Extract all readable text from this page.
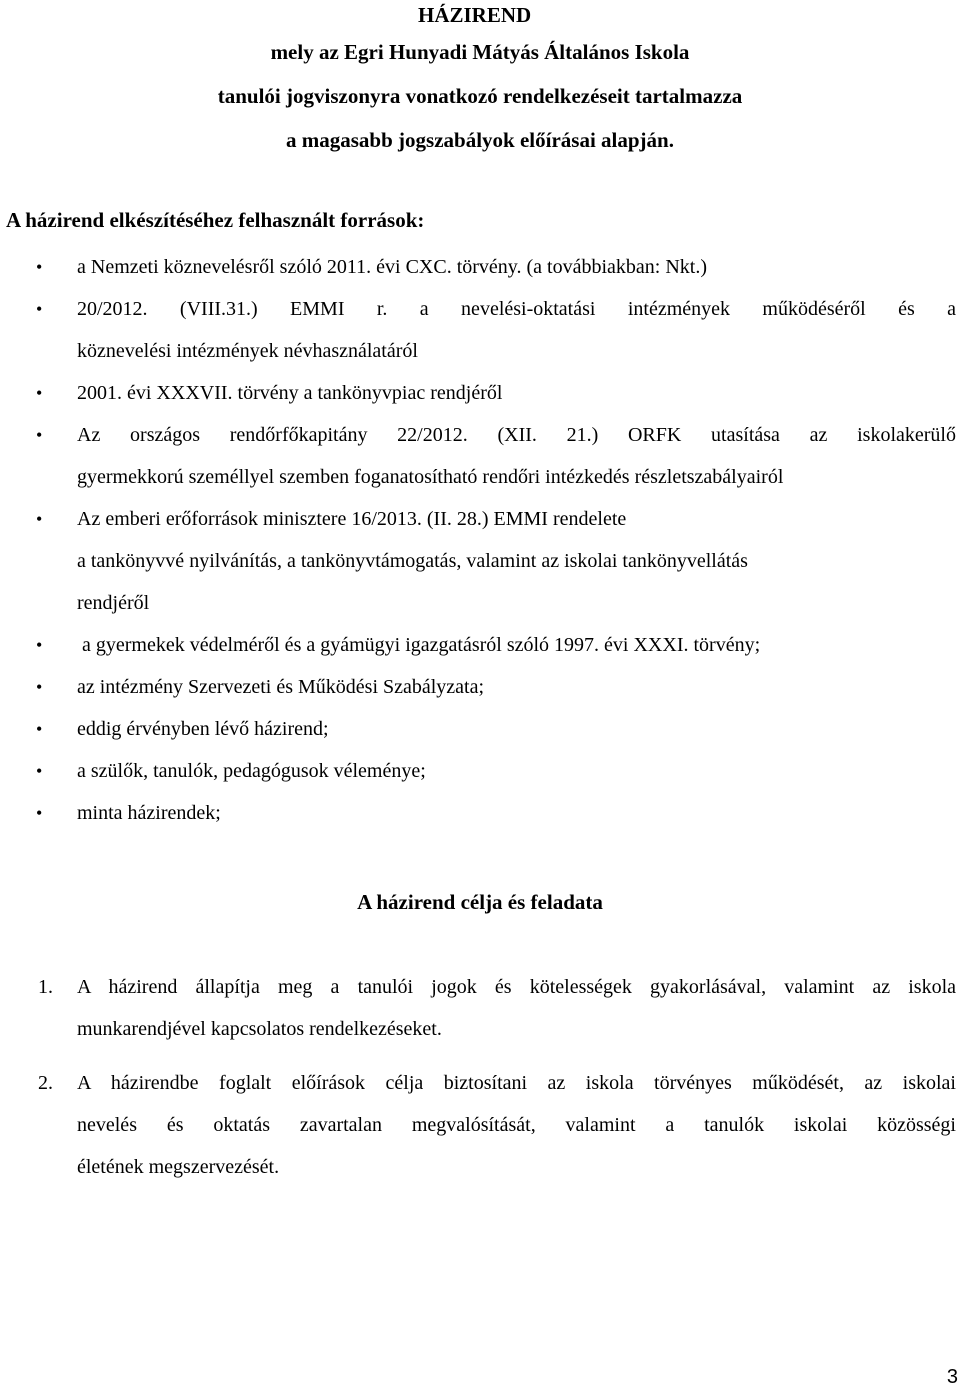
HÁZIREND
mely az Egri Hunyadi Mátyás Általános Iskola
tanulói jogviszonyra vonatkozó rendelkezéseit tartalmazza
a magasabb jogszabályok előírásai alapján.
A házirend elkészítéséhez felhasznált források:
• a Nemzeti köznevelésről szóló 2011. évi CXC. törvény. (a továbbiakban: Nkt.)
• 20/2012. (VIII.31.) EMMI r. a nevelési-oktatási intézmények működéséről és a
köznevelési intézmények névhasználatáról
• 2001. évi XXXVII. törvény a tankönyvpiac rendjéről
• Az országos rendőrfőkapitány 22/2012. (XII. 21.) ORFK utasítása az iskolakerülő
gyermekkorú személlyel szemben foganatosítható rendőri intézkedés részletszabályairól
• Az emberi erőforrások minisztere 16/2013. (II. 28.) EMMI rendelete
a tankönyvvé nyilvánítás, a tankönyvtámogatás, valamint az iskolai tankönyvellátás
rendjéről
• a gyermekek védelméről és a gyámügyi igazgatásról szóló 1997. évi XXXI. törvény;
• az intézmény Szervezeti és Működési Szabályzata;
• eddig érvényben lévő házirend;
• a szülők, tanulók, pedagógusok véleménye;
• minta házirendek;
A házirend célja és feladata
1. A házirend állapítja meg a tanulói jogok és kötelességek gyakorlásával, valamint az iskola
munkarendjével kapcsolatos rendelkezéseket.
2. A házirendbe foglalt előírások célja biztosítani az iskola törvényes működését, az iskolai
nevelés és oktatás zavartalan megvalósítását, valamint a tanulók iskolai közösségi
életének megszervezését.
3
